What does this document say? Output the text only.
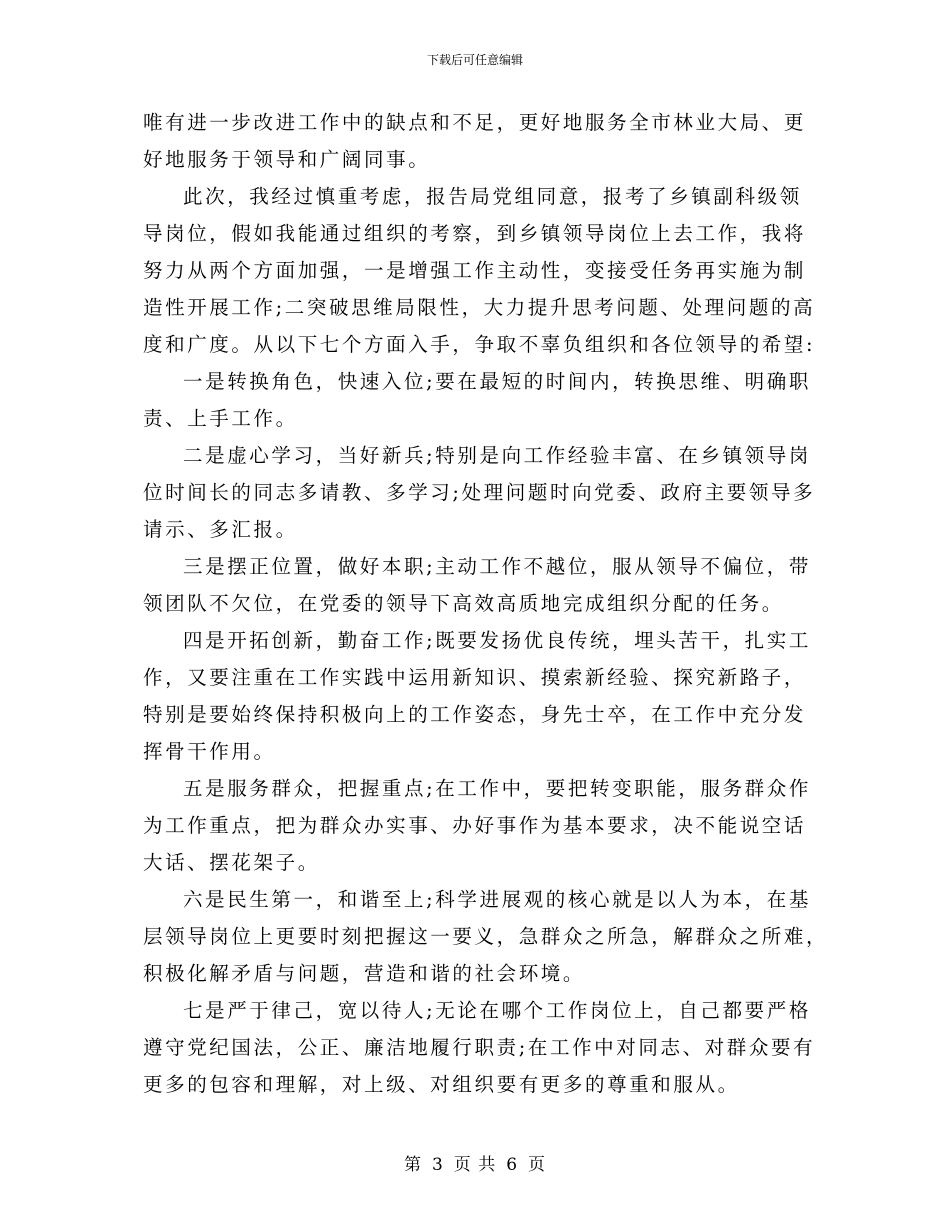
下载后可任意编辑

唯有进一步改进工作中的缺点和不足，更好地服务全市林业大局、更
好地服务于领导和广阔同事。

此次，我经过慎重考虑，报告局党组同意，报考了乡镇副科级领
导岗位，假如我能通过组织的考察，到乡镇领导岗位上去工作，我将
努力从两个方面加强，一是增强工作主动性，变接受任务再实施为制
造性开展工作;二突破思维局限性，大力提升思考问题、处理问题的高
度和广度。从以下七个方面入手，争取不辜负组织和各位领导的希望:

一是转换角色，快速入位;要在最短的时间内，转换思维、明确职
责、上手工作。

二是虚心学习，当好新兵;特别是向工作经验丰富、在乡镇领导岗
位时间长的同志多请教、多学习;处理问题时向党委、政府主要领导多
请示、多汇报。

三是摆正位置，做好本职;主动工作不越位，服从领导不偏位，带
领团队不欠位，在党委的领导下高效高质地完成组织分配的任务。

四是开拓创新，勤奋工作;既要发扬优良传统，埋头苦干，扎实工
作，又要注重在工作实践中运用新知识、摸索新经验、探究新路子，
特别是要始终保持积极向上的工作姿态，身先士卒，在工作中充分发
挥骨干作用。

五是服务群众，把握重点;在工作中，要把转变职能，服务群众作
为工作重点，把为群众办实事、办好事作为基本要求，决不能说空话
大话、摆花架子。

六是民生第一，和谐至上;科学进展观的核心就是以人为本，在基
层领导岗位上更要时刻把握这一要义，急群众之所急，解群众之所难，
积极化解矛盾与问题，营造和谐的社会环境。

七是严于律己，宽以待人;无论在哪个工作岗位上，自己都要严格
遵守党纪国法，公正、廉洁地履行职责;在工作中对同志、对群众要有
更多的包容和理解，对上级、对组织要有更多的尊重和服从。

第 3 页 共 6 页
